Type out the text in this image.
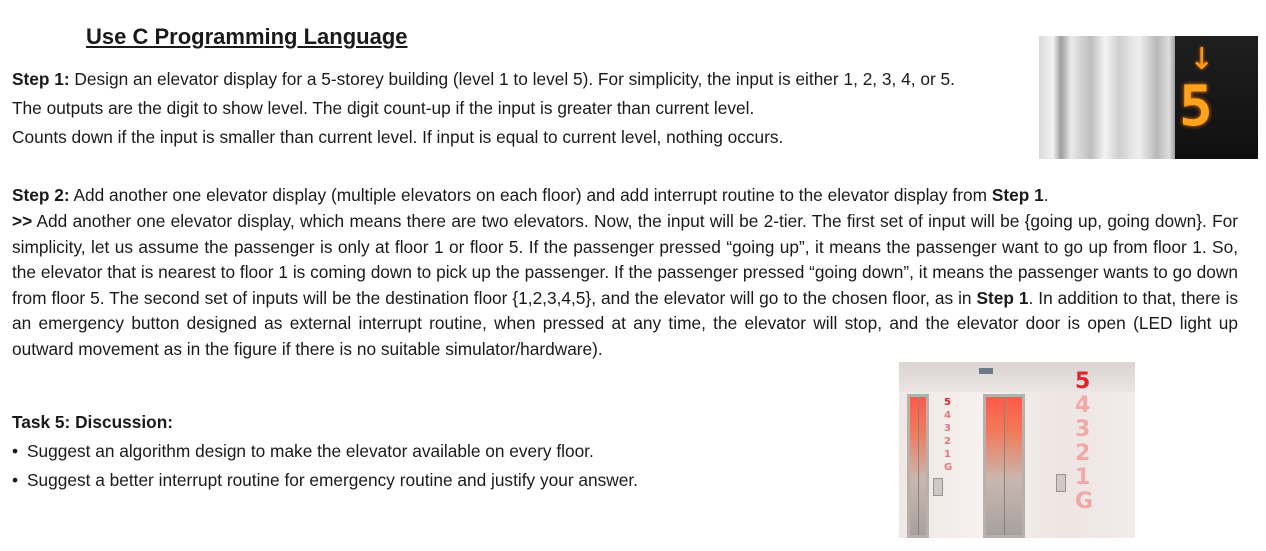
Use C Programming Language
Step 1: Design an elevator display for a 5-storey building (level 1 to level 5). For simplicity, the input is either 1, 2, 3, 4, or 5.
The outputs are the digit to show level. The digit count-up if the input is greater than current level.
Counts down if the input is smaller than current level. If input is equal to current level, nothing occurs.
Step 2: Add another one elevator display (multiple elevators on each floor) and add interrupt routine to the elevator display from Step 1.
>> Add another one elevator display, which means there are two elevators. Now, the input will be 2-tier. The first set of input will be {going up, going down}. For simplicity, let us assume the passenger is only at floor 1 or floor 5. If the passenger pressed “going up”, it means the passenger want to go up from floor 1. So, the elevator that is nearest to floor 1 is coming down to pick up the passenger. If the passenger pressed “going down”, it means the passenger wants to go down from floor 5. The second set of inputs will be the destination floor {1,2,3,4,5}, and the elevator will go to the chosen floor, as in Step 1. In addition to that, there is an emergency button designed as external interrupt routine, when pressed at any time, the elevator will stop, and the elevator door is open (LED light up outward movement as in the figure if there is no suitable simulator/hardware).
Task 5: Discussion:
• Suggest an algorithm design to make the elevator available on every floor.
• Suggest a better interrupt routine for emergency routine and justify your answer.
↓
5
5
4
3
2
1
G
5
4
3
2
1
G
